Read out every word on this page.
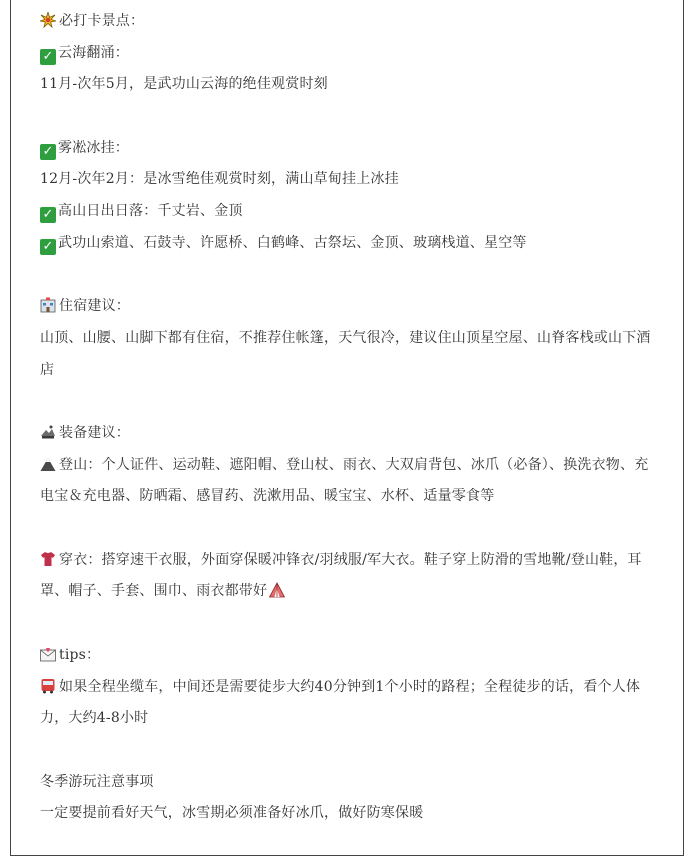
必打卡景点：
✓ 云海翻涌：
11月-次年5月，是武功山云海的绝佳观赏时刻
✓ 雾凇冰挂：
12月-次年2月：是冰雪绝佳观赏时刻，满山草甸挂上冰挂
✓ 高山日出日落：千丈岩、金顶
✓ 武功山索道、石鼓寺、许愿桥、白鹤峰、古祭坛、金顶、玻璃栈道、星空等
住宿建议：
山顶、山腰、山脚下都有住宿，不推荐住帐篷，天气很冷，建议住山顶星空屋、山脊客栈或山下酒店
装备建议：
登山：个人证件、运动鞋、遮阳帽、登山杖、雨衣、大双肩背包、冰爪（必备）、换洗衣物、充电宝＆充电器、防晒霜、感冒药、洗漱用品、暖宝宝、水杯、适量零食等
穿衣：搭穿速干衣服，外面穿保暖冲锋衣/羽绒服/军大衣。鞋子穿上防滑的雪地靴/登山鞋，耳罩、帽子、手套、围巾、雨衣都带好
tips：
如果全程坐缆车，中间还是需要徒步大约40分钟到1个小时的路程；全程徒步的话，看个人体力，大约4-8小时
冬季游玩注意事项
一定要提前看好天气，冰雪期必须准备好冰爪，做好防寒保暖
